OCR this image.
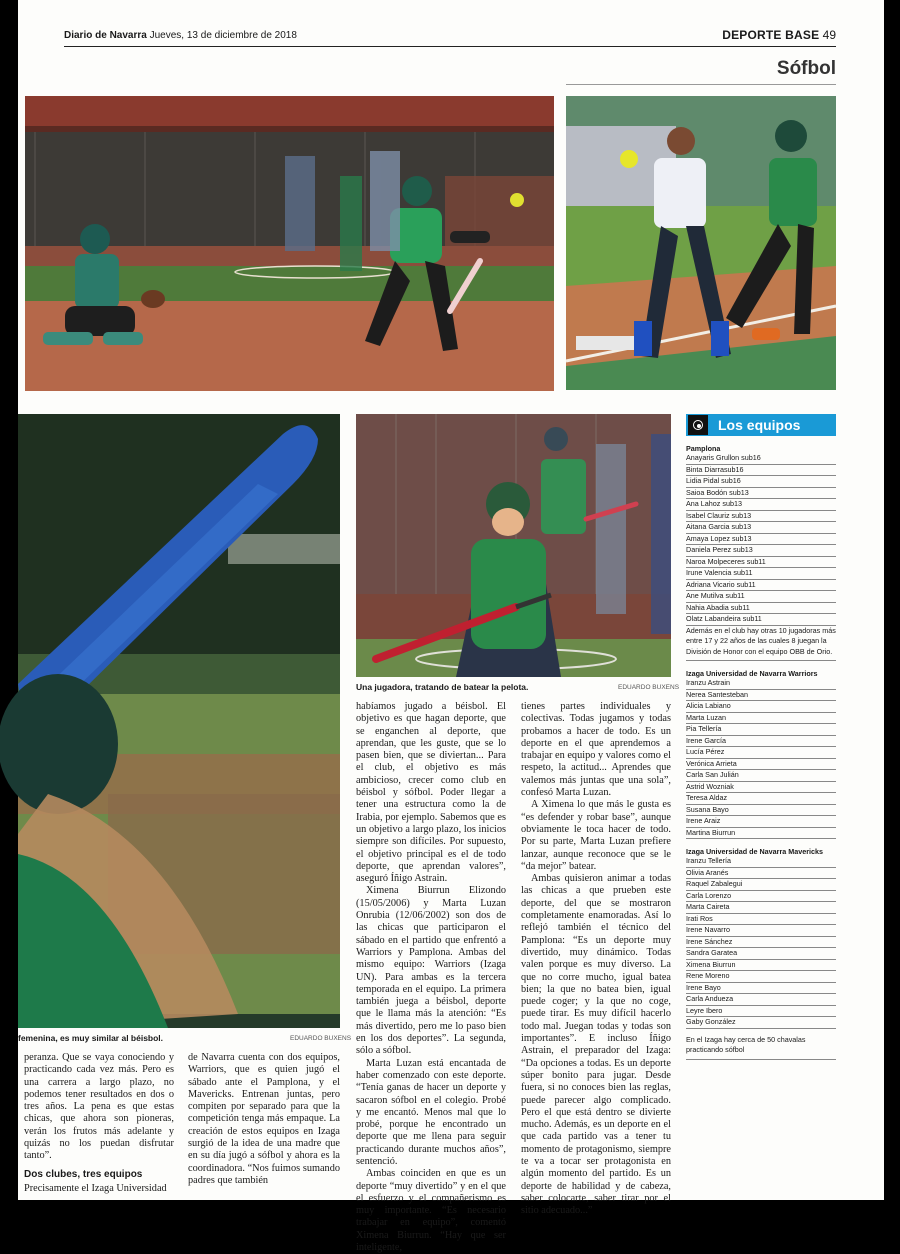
Diario de Navarra Jueves, 13 de diciembre de 2018	DEPORTE BASE 49
Sófbol
Una jugadora, tratando de batear la pelota.	EDUARDO BUXENS
femenina, es muy similar al béisbol.	EDUARDO BUXENS

peranza. Que se vaya conociendo y practicando cada vez más. Pero es una carrera a largo plazo, no podemos tener resultados en dos o tres años. La pena es que estas chicas, que ahora son pioneras, verán los frutos más adelante y quizás no los puedan disfrutar tanto”.

Dos clubes, tres equipos

Precisamente el Izaga Universidad

de Navarra cuenta con dos equipos, Warriors, que es quien jugó el sábado ante el Pamplona, y el Mavericks. Entrenan juntas, pero compiten por separado para que la competición tenga más empaque. La creación de estos equipos en Izaga surgió de la idea de una madre que en su día jugó a sófbol y ahora es la coordinadora. “Nos fuimos sumando padres que también

habíamos jugado a béisbol. El objetivo es que hagan deporte, que se enganchen al deporte, que aprendan, que les guste, que se lo pasen bien, que se diviertan... Para el club, el objetivo es más ambicioso, crecer como club en béisbol y sófbol. Poder llegar a tener una estructura como la de Irabia, por ejemplo. Sabemos que es un objetivo a largo plazo, los inicios siempre son difíciles. Por supuesto, el objetivo principal es el de todo deporte, que aprendan valores”, aseguró Íñigo Astrain.

Ximena Biurrun Elizondo (15/05/2006) y Marta Luzan Onrubia (12/06/2002) son dos de las chicas que participaron el sábado en el partido que enfrentó a Warriors y Pamplona. Ambas del mismo equipo: Warriors (Izaga UN). Para ambas es la tercera temporada en el equipo. La primera también juega a béisbol, deporte que le llama más la atención: “Es más divertido, pero me lo paso bien en los dos deportes”. La segunda, sólo a sófbol.

Marta Luzan está encantada de haber comenzado con este deporte. “Tenía ganas de hacer un deporte y sacaron sófbol en el colegio. Probé y me encantó. Menos mal que lo probé, porque he encontrado un deporte que me llena para seguir practicando durante muchos años”, sentenció.

Ambas coinciden en que es un deporte “muy divertido” y en el que el esfuerzo y el compañerismo es muy importante. “Es necesario trabajar en equipo”, comentó Ximena Biurrun. “Hay que ser inteligente,

tienes partes individuales y colectivas. Todas jugamos y todas probamos a hacer de todo. Es un deporte en el que aprendemos a trabajar en equipo y valores como el respeto, la actitud... Aprendes que valemos más juntas que una sola”, confesó Marta Luzan.

A Ximena lo que más le gusta es “es defender y robar base”, aunque obviamente le toca hacer de todo. Por su parte, Marta Luzan prefiere lanzar, aunque reconoce que se le “da mejor” batear.

Ambas quisieron animar a todas las chicas a que prueben este deporte, del que se mostraron completamente enamoradas. Así lo reflejó también el técnico del Pamplona: “Es un deporte muy divertido, muy dinámico. Todas valen porque es muy diverso. La que no corre mucho, igual batea bien; la que no batea bien, igual puede coger; y la que no coge, puede tirar. Es muy difícil hacerlo todo mal. Juegan todas y todas son importantes”. E incluso Íñigo Astrain, el preparador del Izaga: “Da opciones a todas. Es un deporte súper bonito para jugar. Desde fuera, si no conoces bien las reglas, puede parecer algo complicado. Pero el que está dentro se divierte mucho. Además, es un deporte en el que cada partido vas a tener tu momento de protagonismo, siempre te va a tocar ser protagonista en algún momento del partido. Es un deporte de habilidad y de cabeza, saber colocarte, saber tirar por el sitio adecuado...”

Los equipos
Pamplona
Anayaris Grullon sub16
Binta Diarrasub16
Lidia Pidal sub16
Saioa Bodón sub13
Ana Lahoz sub13
Isabel Clauriz sub13
Aitana Garcia sub13
Amaya Lopez sub13
Daniela Perez sub13
Naroa Molpeceres sub11
Irune Valencia sub11
Adriana Vicario sub11
Ane Mutilva sub11
Nahia Abadia sub11
Olatz Labandeira sub11
Además en el club hay otras 10 jugadoras más entre 17 y 22 años de las cuales 8 juegan la División de Honor con el equipo OBB de Orio.
Izaga Universidad de Navarra Warriors
Iranzu Astrain
Nerea Santesteban
Alicia Labiano
Marta Luzan
Pia Tellería
Irene García
Lucía Pérez
Verónica Arrieta
Carla San Julián
Astrid Wozniak
Teresa Aldaz
Susana Bayo
Irene Araiz
Martina Biurrun
Izaga Universidad de Navarra Mavericks
Iranzu Tellería
Olivia Aranés
Raquel Zabalegui
Carla Lorenzo
Marta Caireta
Irati Ros
Irene Navarro
Irene Sánchez
Sandra Garatea
Ximena Biurrun
Rene Moreno
Irene Bayo
Carla Andueza
Leyre Ibero
Gaby González
En el Izaga hay cerca de 50 chavalas practicando sófbol
